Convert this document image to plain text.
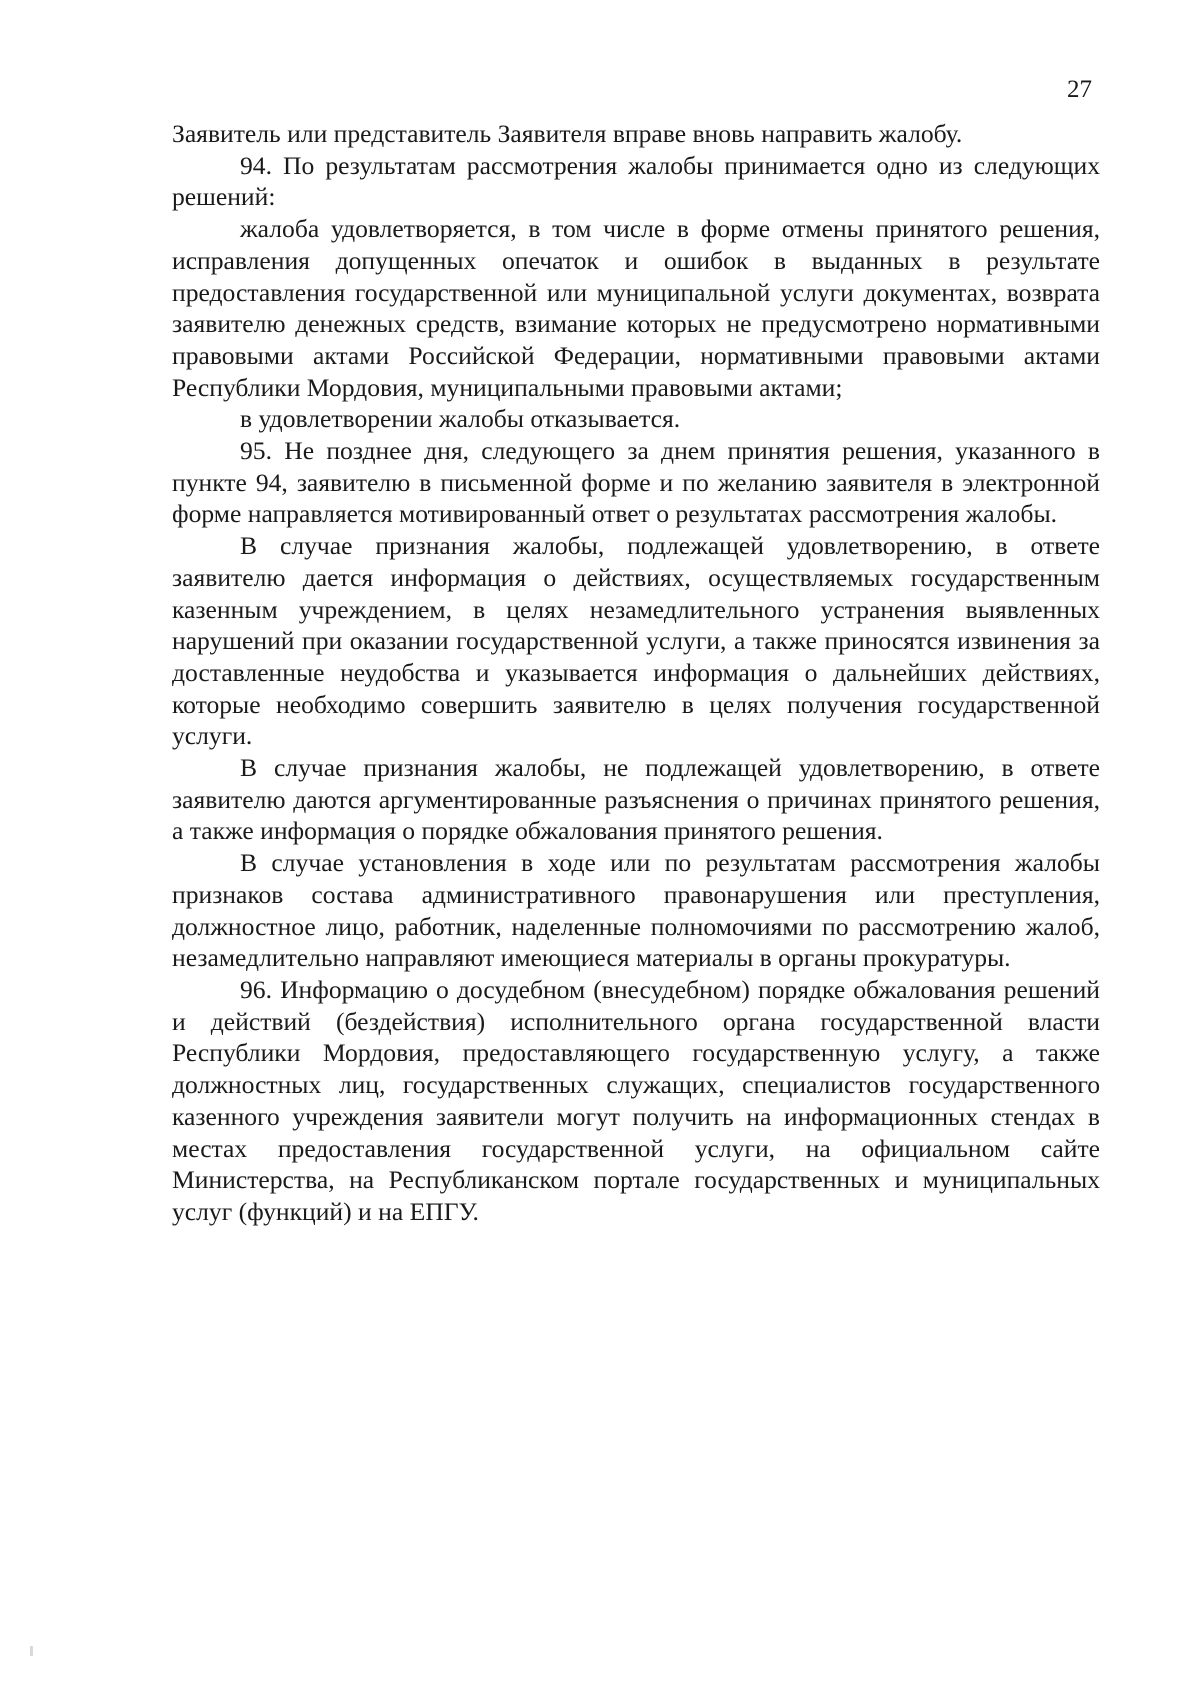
27

Заявитель или представитель Заявителя вправе вновь направить жалобу.

94. По результатам рассмотрения жалобы принимается одно из следующих решений:

жалоба удовлетворяется, в том числе в форме отмены принятого решения, исправления допущенных опечаток и ошибок в выданных в результате предоставления государственной или муниципальной услуги документах, возврата заявителю денежных средств, взимание которых не предусмотрено нормативными правовыми актами Российской Федерации, нормативными правовыми актами Республики Мордовия, муниципальными правовыми актами;

в удовлетворении жалобы отказывается.

95. Не позднее дня, следующего за днем принятия решения, указанного в пункте 94, заявителю в письменной форме и по желанию заявителя в электронной форме направляется мотивированный ответ о результатах рассмотрения жалобы.

В случае признания жалобы, подлежащей удовлетворению, в ответе заявителю дается информация о действиях, осуществляемых государственным казенным учреждением, в целях незамедлительного устранения выявленных нарушений при оказании государственной услуги, а также приносятся извинения за доставленные неудобства и указывается информация о дальнейших действиях, которые необходимо совершить заявителю в целях получения государственной услуги.

В случае признания жалобы, не подлежащей удовлетворению, в ответе заявителю даются аргументированные разъяснения о причинах принятого решения, а также информация о порядке обжалования принятого решения.

В случае установления в ходе или по результатам рассмотрения жалобы признаков состава административного правонарушения или преступления, должностное лицо, работник, наделенные полномочиями по рассмотрению жалоб, незамедлительно направляют имеющиеся материалы в органы прокуратуры.

96. Информацию о досудебном (внесудебном) порядке обжалования решений и действий (бездействия) исполнительного органа государственной власти Республики Мордовия, предоставляющего государственную услугу, а также должностных лиц, государственных служащих, специалистов государственного казенного учреждения заявители могут получить на информационных стендах в местах предоставления государственной услуги, на официальном сайте Министерства, на Республиканском портале государственных и муниципальных услуг (функций) и на ЕПГУ.
